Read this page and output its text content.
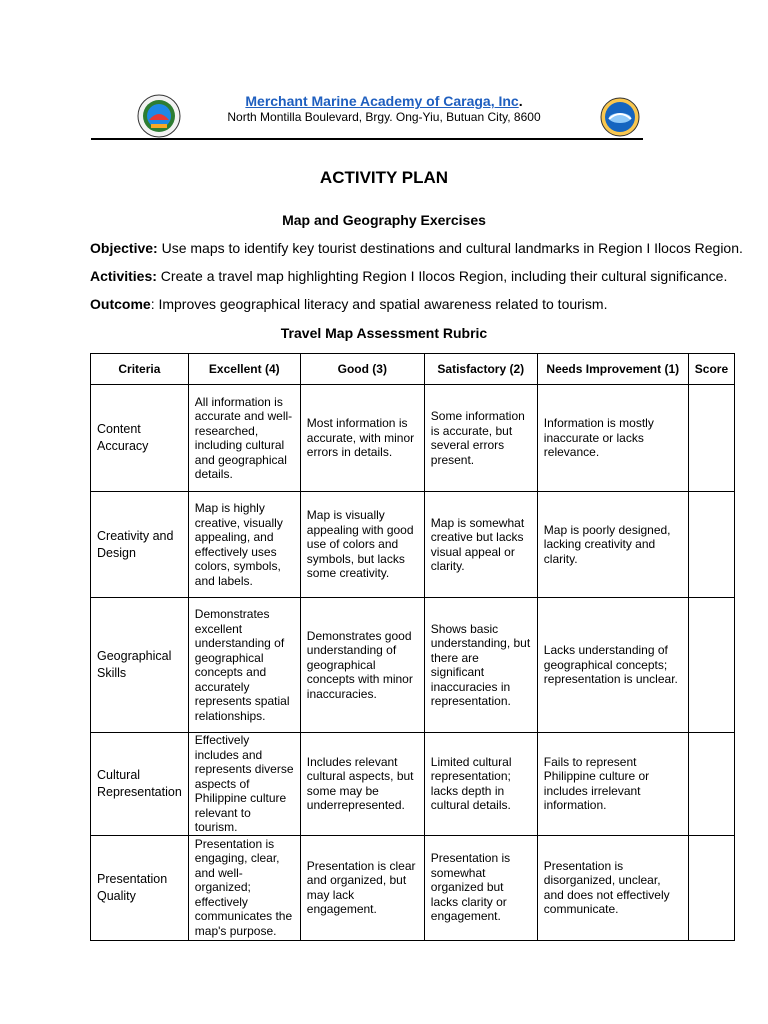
Merchant Marine Academy of Caraga, Inc.
North Montilla Boulevard, Brgy. Ong-Yiu, Butuan City, 8600
ACTIVITY PLAN
Map and Geography Exercises
Objective: Use maps to identify key tourist destinations and cultural landmarks in Region I Ilocos Region.
Activities: Create a travel map highlighting Region I Ilocos Region, including their cultural significance.
Outcome: Improves geographical literacy and spatial awareness related to tourism.
Travel Map Assessment Rubric
Criteria	Excellent (4)	Good (3)	Satisfactory (2)	Needs Improvement (1)	Score
Content Accuracy	All information is accurate and well-researched, including cultural and geographical details.	Most information is accurate, with minor errors in details.	Some information is accurate, but several errors present.	Information is mostly inaccurate or lacks relevance.	
Creativity and Design	Map is highly creative, visually appealing, and effectively uses colors, symbols, and labels.	Map is visually appealing with good use of colors and symbols, but lacks some creativity.	Map is somewhat creative but lacks visual appeal or clarity.	Map is poorly designed, lacking creativity and clarity.	
Geographical Skills	Demonstrates excellent understanding of geographical concepts and accurately represents spatial relationships.	Demonstrates good understanding of geographical concepts with minor inaccuracies.	Shows basic understanding, but there are significant inaccuracies in representation.	Lacks understanding of geographical concepts; representation is unclear.	
Cultural Representation	Effectively includes and represents diverse aspects of Philippine culture relevant to tourism.	Includes relevant cultural aspects, but some may be underrepresented.	Limited cultural representation; lacks depth in cultural details.	Fails to represent Philippine culture or includes irrelevant information.	
Presentation Quality	Presentation is engaging, clear, and well-organized; effectively communicates the map's purpose.	Presentation is clear and organized, but may lack engagement.	Presentation is somewhat organized but lacks clarity or engagement.	Presentation is disorganized, unclear, and does not effectively communicate.	
